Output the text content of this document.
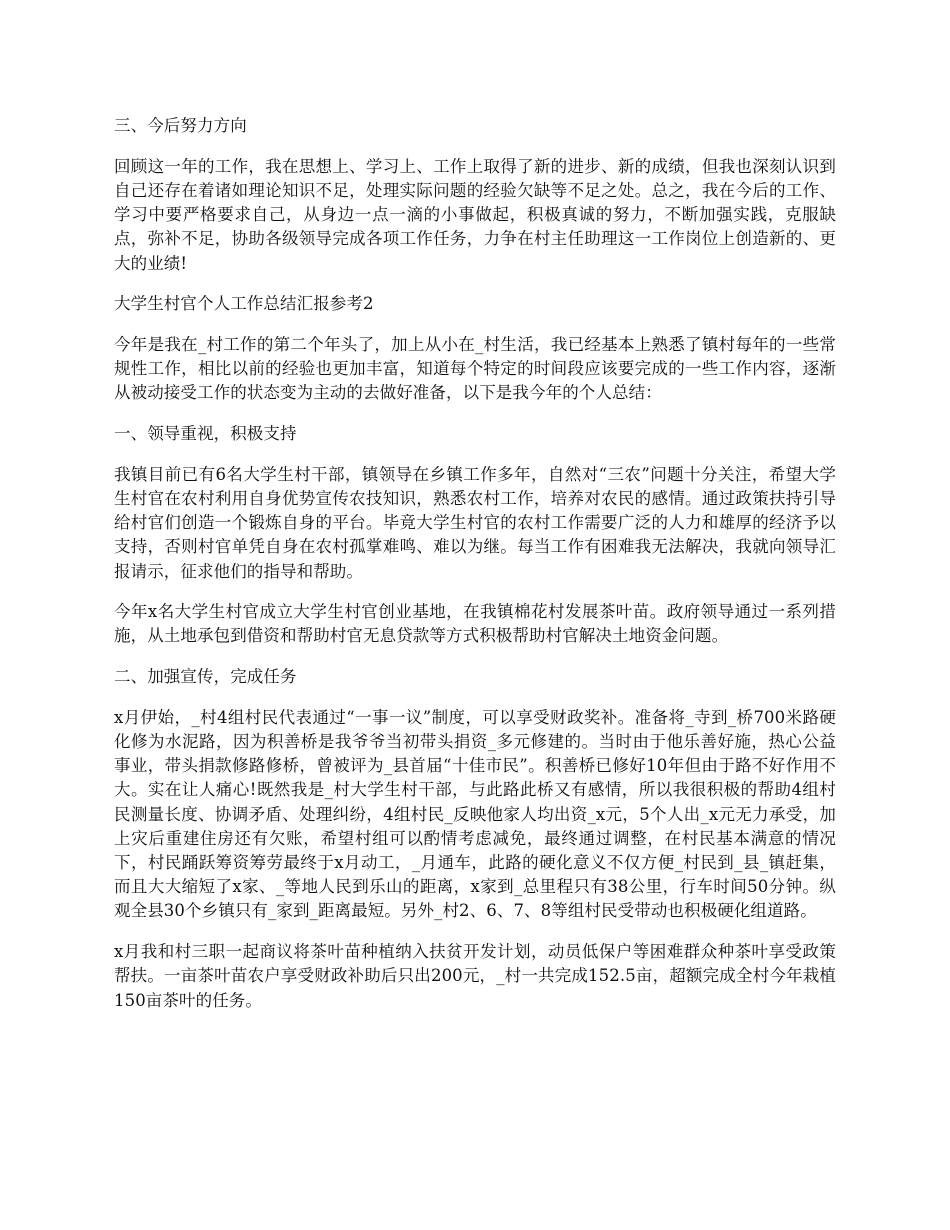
三、今后努力方向

回顾这一年的工作，我在思想上、学习上、工作上取得了新的进步、新的成绩，但我也深刻认识到自己还存在着诸如理论知识不足，处理实际问题的经验欠缺等不足之处。总之，我在今后的工作、学习中要严格要求自己，从身边一点一滴的小事做起，积极真诚的努力，不断加强实践，克服缺点，弥补不足，协助各级领导完成各项工作任务，力争在村主任助理这一工作岗位上创造新的、更大的业绩!

大学生村官个人工作总结汇报参考2

今年是我在_村工作的第二个年头了，加上从小在_村生活，我已经基本上熟悉了镇村每年的一些常规性工作，相比以前的经验也更加丰富，知道每个特定的时间段应该要完成的一些工作内容，逐渐从被动接受工作的状态变为主动的去做好准备，以下是我今年的个人总结：

一、领导重视，积极支持

我镇目前已有6名大学生村干部，镇领导在乡镇工作多年，自然对“三农”问题十分关注，希望大学生村官在农村利用自身优势宣传农技知识，熟悉农村工作，培养对农民的感情。通过政策扶持引导给村官们创造一个锻炼自身的平台。毕竟大学生村官的农村工作需要广泛的人力和雄厚的经济予以支持，否则村官单凭自身在农村孤掌难鸣、难以为继。每当工作有困难我无法解决，我就向领导汇报请示，征求他们的指导和帮助。

今年x名大学生村官成立大学生村官创业基地，在我镇棉花村发展茶叶苗。政府领导通过一系列措施，从土地承包到借资和帮助村官无息贷款等方式积极帮助村官解决土地资金问题。

二、加强宣传，完成任务

x月伊始，_村4组村民代表通过“一事一议”制度，可以享受财政奖补。准备将_寺到_桥700米路硬化修为水泥路，因为积善桥是我爷爷当初带头捐资_多元修建的。当时由于他乐善好施，热心公益事业，带头捐款修路修桥，曾被评为_县首届“十佳市民”。积善桥已修好10年但由于路不好作用不大。实在让人痛心!既然我是_村大学生村干部，与此路此桥又有感情，所以我很积极的帮助4组村民测量长度、协调矛盾、处理纠纷，4组村民_反映他家人均出资_x元，5个人出_x元无力承受，加上灾后重建住房还有欠账，希望村组可以酌情考虑减免，最终通过调整，在村民基本满意的情况下，村民踊跃筹资筹劳最终于x月动工，_月通车，此路的硬化意义不仅方便_村民到_县_镇赶集，而且大大缩短了x家、_等地人民到乐山的距离，x家到_总里程只有38公里，行车时间50分钟。纵观全县30个乡镇只有_家到_距离最短。另外_村2、6、7、8等组村民受带动也积极硬化组道路。

x月我和村三职一起商议将茶叶苗种植纳入扶贫开发计划，动员低保户等困难群众种茶叶享受政策帮扶。一亩茶叶苗农户享受财政补助后只出200元，_村一共完成152.5亩，超额完成全村今年栽植150亩茶叶的任务。
